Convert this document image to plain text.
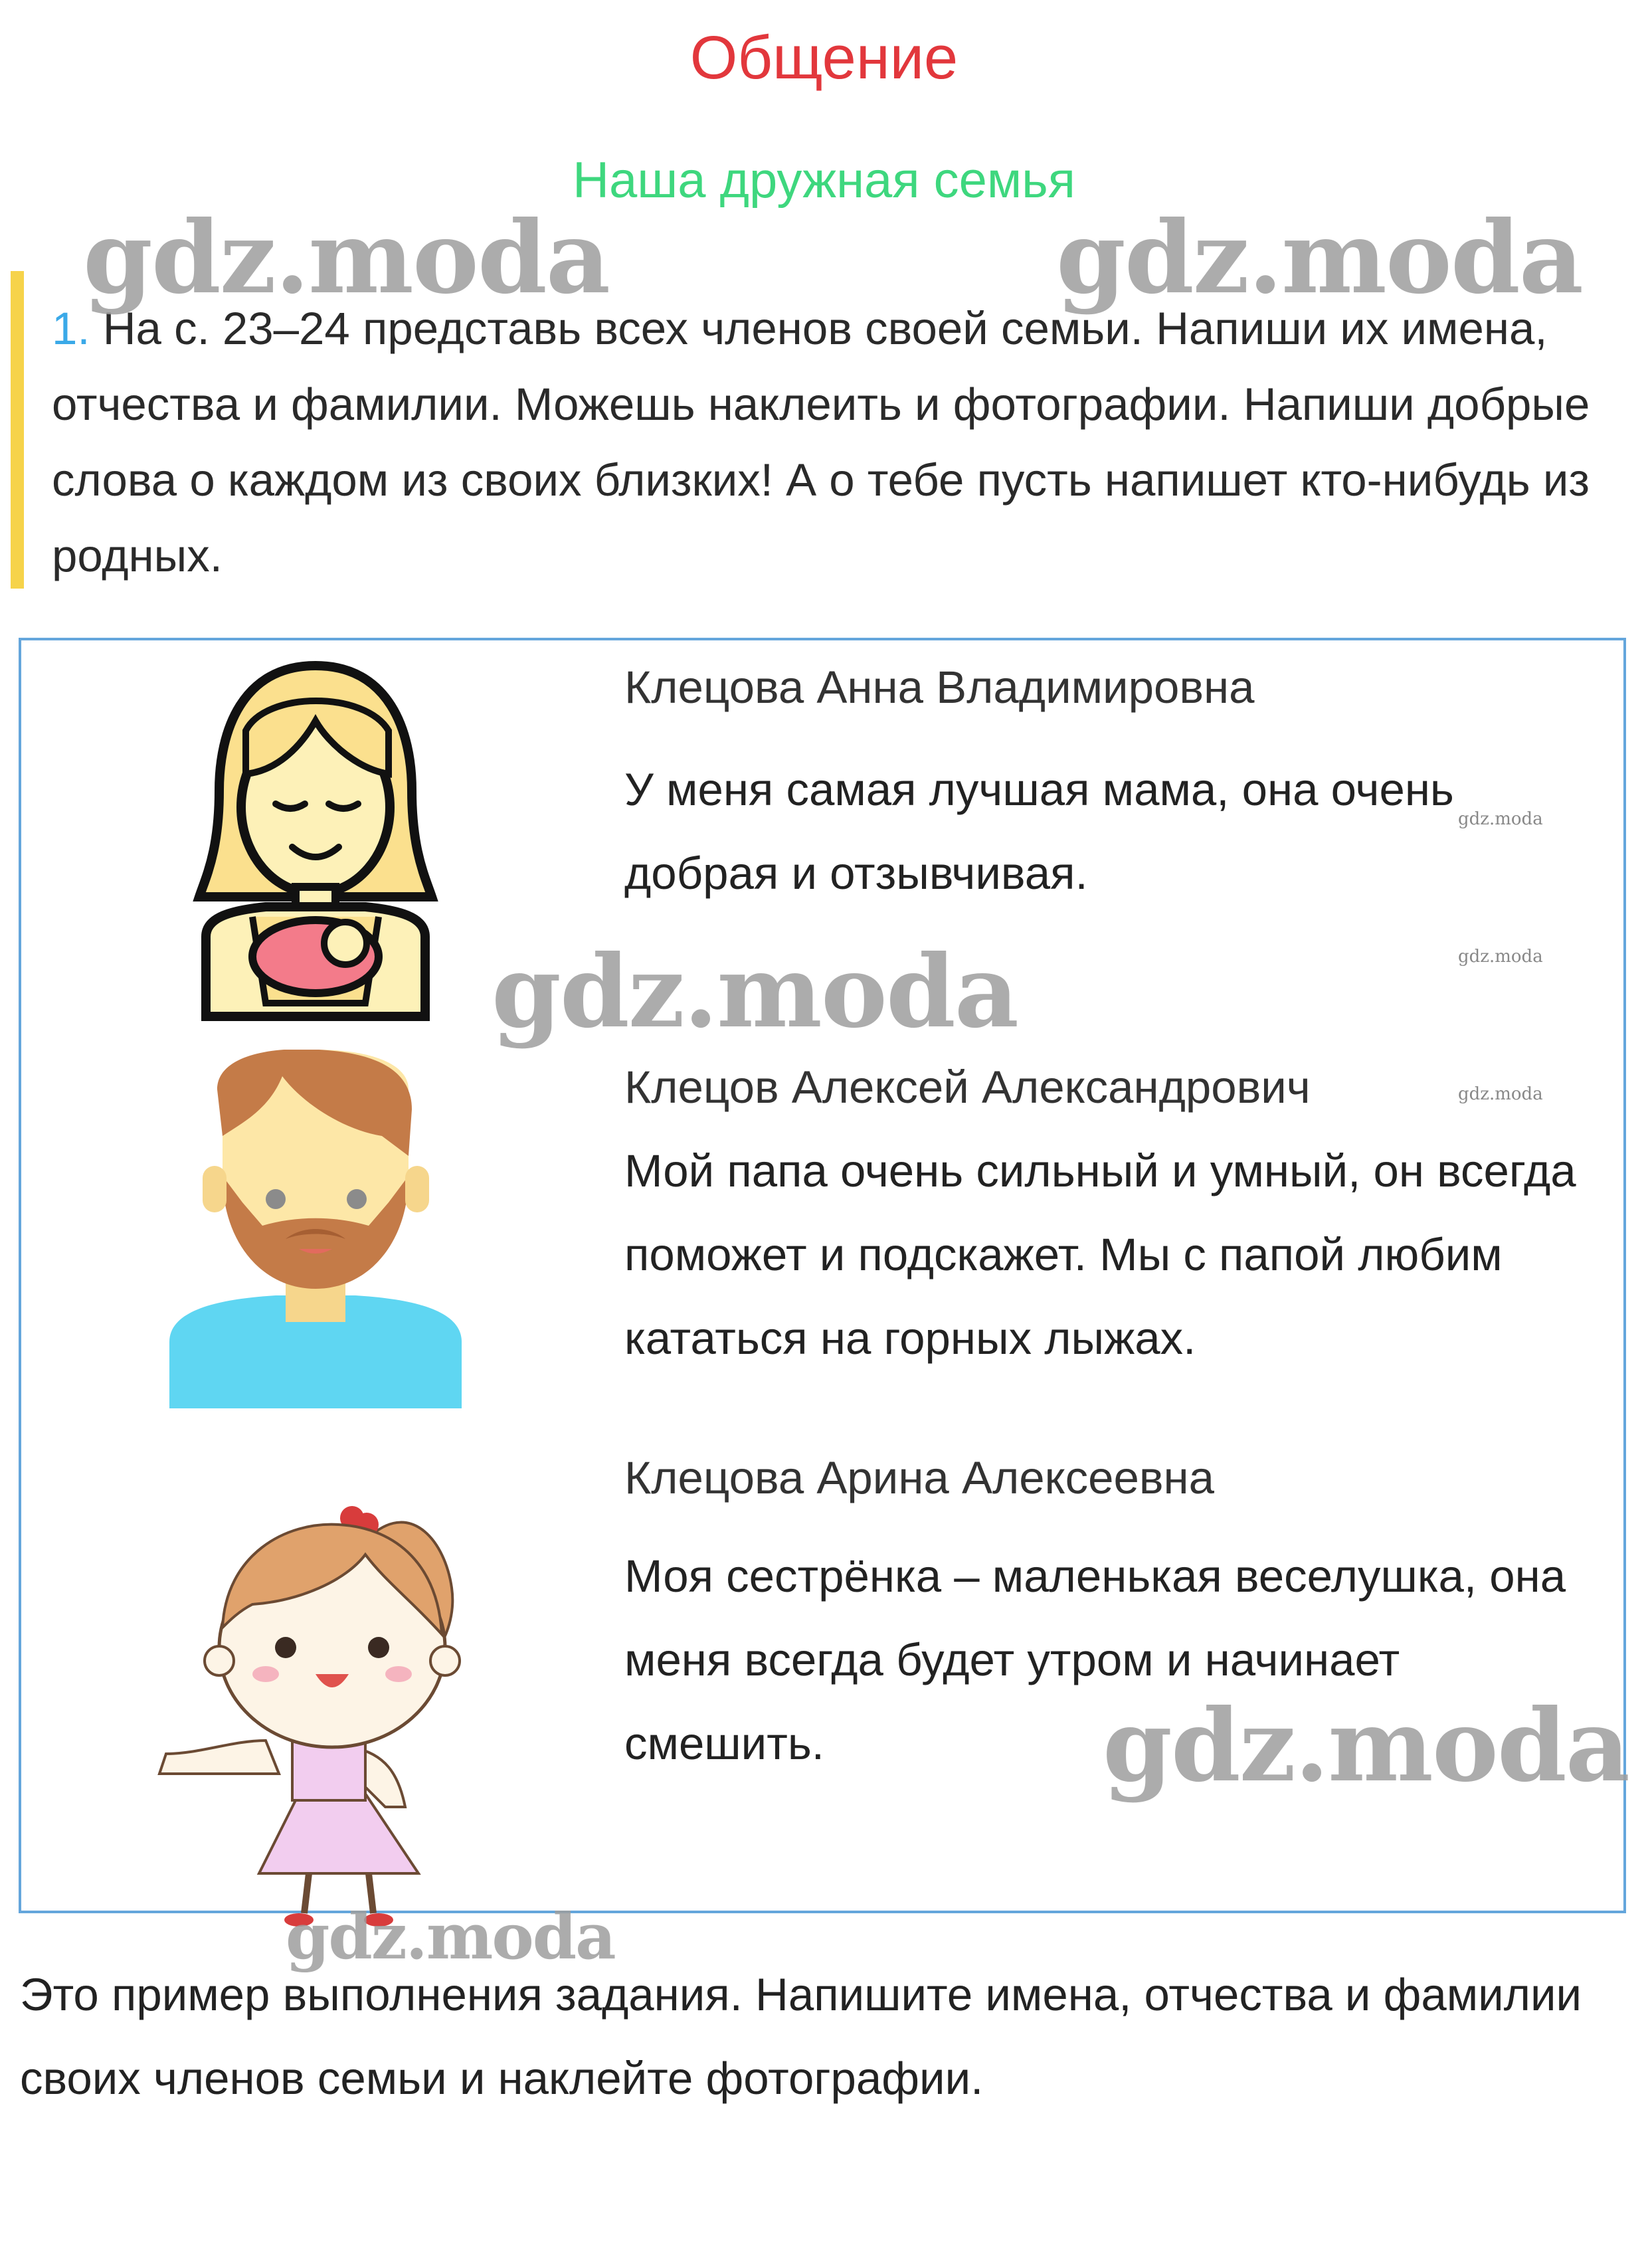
Общение
Наша дружная семья
1. На с. 23–24 представь всех членов своей семьи. Напиши их имена, отчества и фамилии. Можешь наклеить и фотографии. Напиши добрые слова о каждом из своих близких! А о тебе пусть напишет кто-нибудь из родных.
Клецова Анна Владимировна
У меня самая лучшая мама, она очень добрая и отзывчивая.
Клецов Алексей Александрович
Мой папа очень сильный и умный, он всегда поможет и подскажет. Мы с папой любим кататься на горных лыжах.
Клецова Арина Алексеевна
Моя сестрёнка – маленькая веселушка, она меня всегда будет утром и начинает смешить.
Это пример выполнения задания. Напишите имена, отчества и фамилии своих членов семьи и наклейте фотографии.
gdz.moda	gdz.moda
gdz.moda
gdz.moda
gdz.moda
gdz.moda
gdz.moda
gdz.moda
